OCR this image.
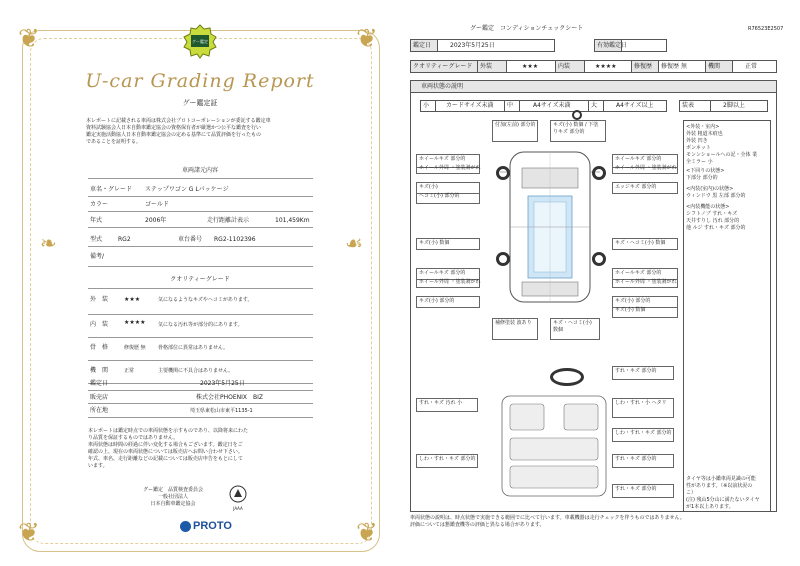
❦	❦
❦	❦
❧	☙
グー鑑定
U-car Grading Report
グー鑑定証
本レポートに記載される車両は株式会社プロトコーポレーションが委託する鑑定車
資料試験協会人日本自動車鑑定協会の資格保有者が厳選かつ公平な鑑査を行い
鑑定実施活動協人日本自動車鑑定協会の定める基準にて品質評価を行ったもの
であることを証明する。
車両諸元内容
車名・グレード ステップワゴン G Lパッケージ
カラー	ゴールド
年式	2006年	走行距離計表示	101,459Km
型式	RG2	車台番号 RG2-1102396
備考/
クオリティーグレード
外　装	★★★	気になるようなキズやヘコミがあります。
内　装	★★★★ 気になる汚れ等が部分的にあります。
骨　格	修復歴 無 骨格部位に異常はありません。
機　関	正常	主要機関に不具合はありません。
鑑定日	2023年5月25日
販売店	株式会社PHOENIX　BIZ
所在地	埼玉県東松山市東平1135-1
本レポートは鑑定時点での車両状態を示すものであり、以降将来にわた
り品質を保証するものではありません。
車両状態は時間の経過に伴い変化する場合もございます。鑑定日をご
確認の上、現在の車両状態については販売店へお問い合わせ下さい。
年式、車名、走行距離などの記載については販売店申告をもとにして
います。
グー鑑定　品質検査委員会
一般社団法人
日本自動車鑑定協会
JAAA
PROTO
グー鑑定　コンディションチェックシート	R76523E2507
鑑定日	2023年5月25日	有効鑑定日
クオリティーグレード	外装	★★★	内装	★★★★	修復歴	修復歴 無	機関	正常
車両状態の説明
小	カードサイズ未満	中	A4サイズ未満	大	A4サイズ以上	装表	2脚以上
付加(左前) 部分的	キズ(小) 数個 / 下塗りキズ 部分的
ホイールキズ 部分的	ホイールキズ 部分的
ホイール外周 ・塗装剥がれ	ホイール外周 ・塗装剥がれ
キズ(小)
ヘコミ(小) 部分的
エッジキズ 部分的
キズ(小) 数個	キズ・ヘコミ(小) 数個
ホイールキズ 部分的	ホイールキズ 部分的
ホイール外周 ・塗装剥がれ	ホイール外周 ・塗装剥がれ
キズ(小) 部分的
補修塗装 波あり	キズ・ヘコミ(小) 数個
キズ(小) 部分的
キズ(小) 数個
<外装・室内>
外装 粗道木痕也
外装 凹き
ボンネット
モンンショールへの記・全体 業
全ミラー 小
<下回りの状態>
下部分 部分的
<内装(室内)の状態>
ウィンドウ 黒 左部 部分的
<内装機能の状態>
シフトノブ すれ・キズ
天井すりし 汚れ 部分的
他 ルジ すれ・キズ 部分的
タイヤ等は小鑑車両見識の可能
性があります。（※以前状況の
こ）
(注) 残山5分山に満たないタイヤ
が1本以上あります。
すれ・キズ 部分的
すれ・キズ 汚れ 小	しわ・すれ・小 ヘタリ
しわ・すれ・キズ 部分的
しわ・すれ・キズ 部分的	すれ・キズ 部分的
すれ・キズ 部分的
車両状態の説明は、時点状態で実施できる範囲でに比べて行います。車載機器は走行チェックを伴うものではありません。
評価については懇鑑査機等の評価と異なる場合があります。
